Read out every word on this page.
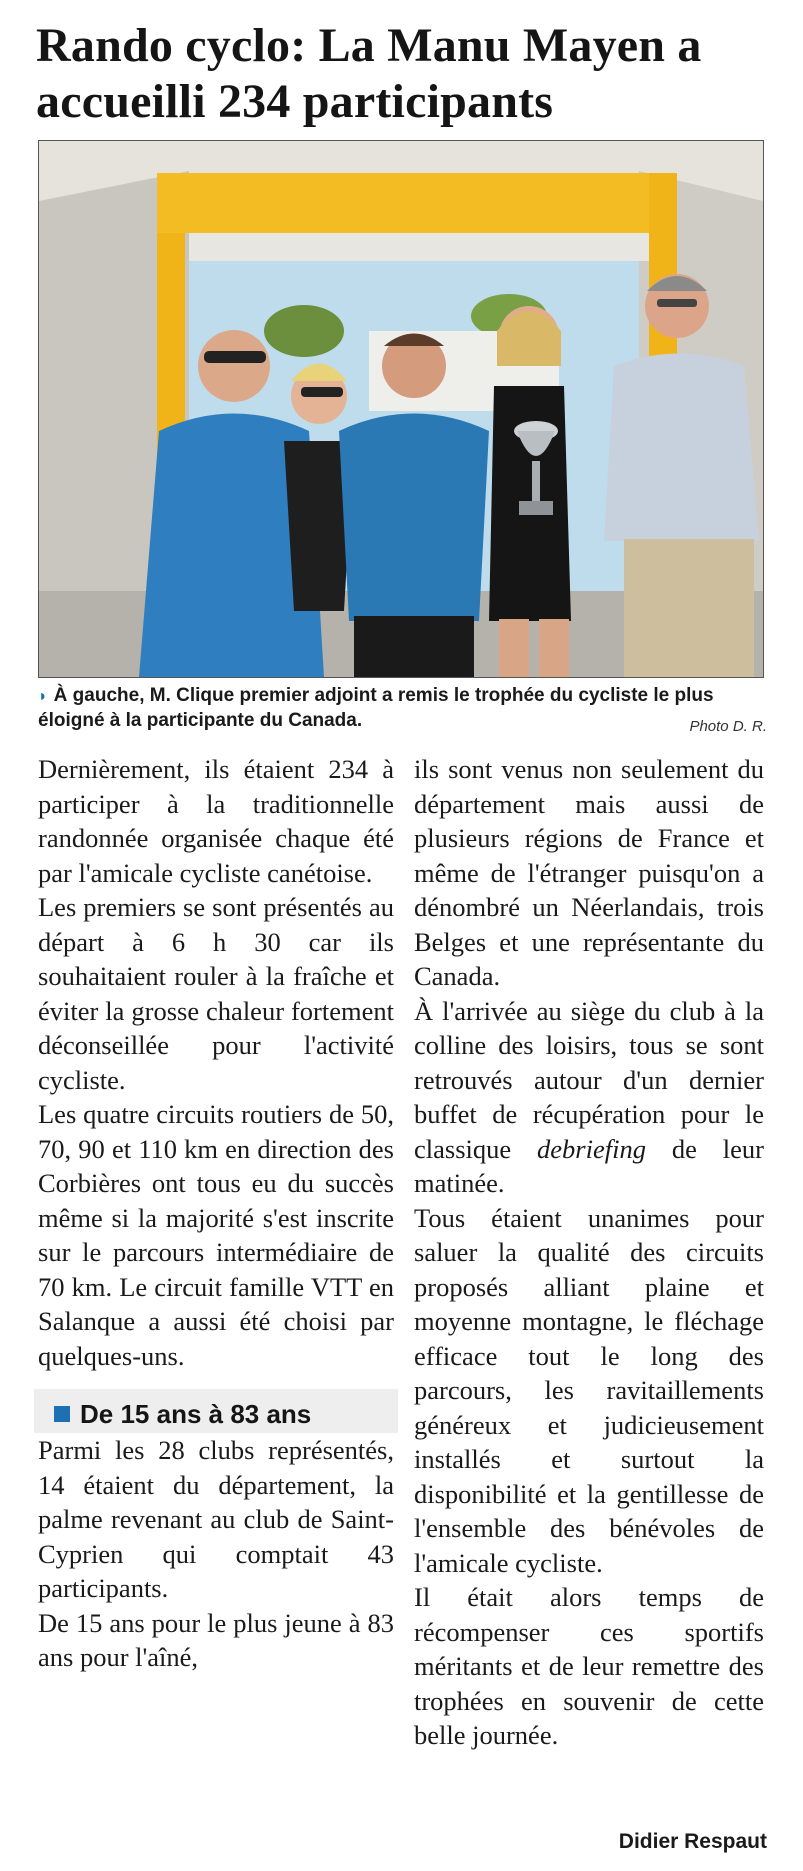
Rando cyclo: La Manu Mayen a accueilli 234 participants
◗ À gauche, M. Clique premier adjoint a remis le trophée du cycliste le plus éloigné à la participante du Canada.	Photo D. R.

Dernièrement, ils étaient 234 à participer à la traditionnelle randonnée organisée chaque été par l'amicale cycliste canétoise.

Les premiers se sont présentés au départ à 6 h 30 car ils souhaitaient rouler à la fraîche et éviter la grosse chaleur fortement déconseillée pour l'activité cycliste.

Les quatre circuits routiers de 50, 70, 90 et 110 km en direction des Corbières ont tous eu du succès même si la majorité s'est inscrite sur le parcours intermédiaire de 70 km. Le circuit famille VTT en Salanque a aussi été choisi par quelques-uns.

De 15 ans à 83 ans

Parmi les 28 clubs représentés, 14 étaient du département, la palme revenant au club de Saint-Cyprien qui comptait 43 participants.

De 15 ans pour le plus jeune à 83 ans pour l'aîné,

ils sont venus non seulement du département mais aussi de plusieurs régions de France et même de l'étranger puisqu'on a dénombré un Néerlandais, trois Belges et une représentante du Canada.

À l'arrivée au siège du club à la colline des loisirs, tous se sont retrouvés autour d'un dernier buffet de récupération pour le classique debriefing de leur matinée.

Tous étaient unanimes pour saluer la qualité des circuits proposés alliant plaine et moyenne montagne, le fléchage efficace tout le long des parcours, les ravitaillements généreux et judicieusement installés et surtout la disponibilité et la gentillesse de l'ensemble des bénévoles de l'amicale cycliste.

Il était alors temps de récompenser ces sportifs méritants et de leur remettre des trophées en souvenir de cette belle journée.

Didier Respaut
